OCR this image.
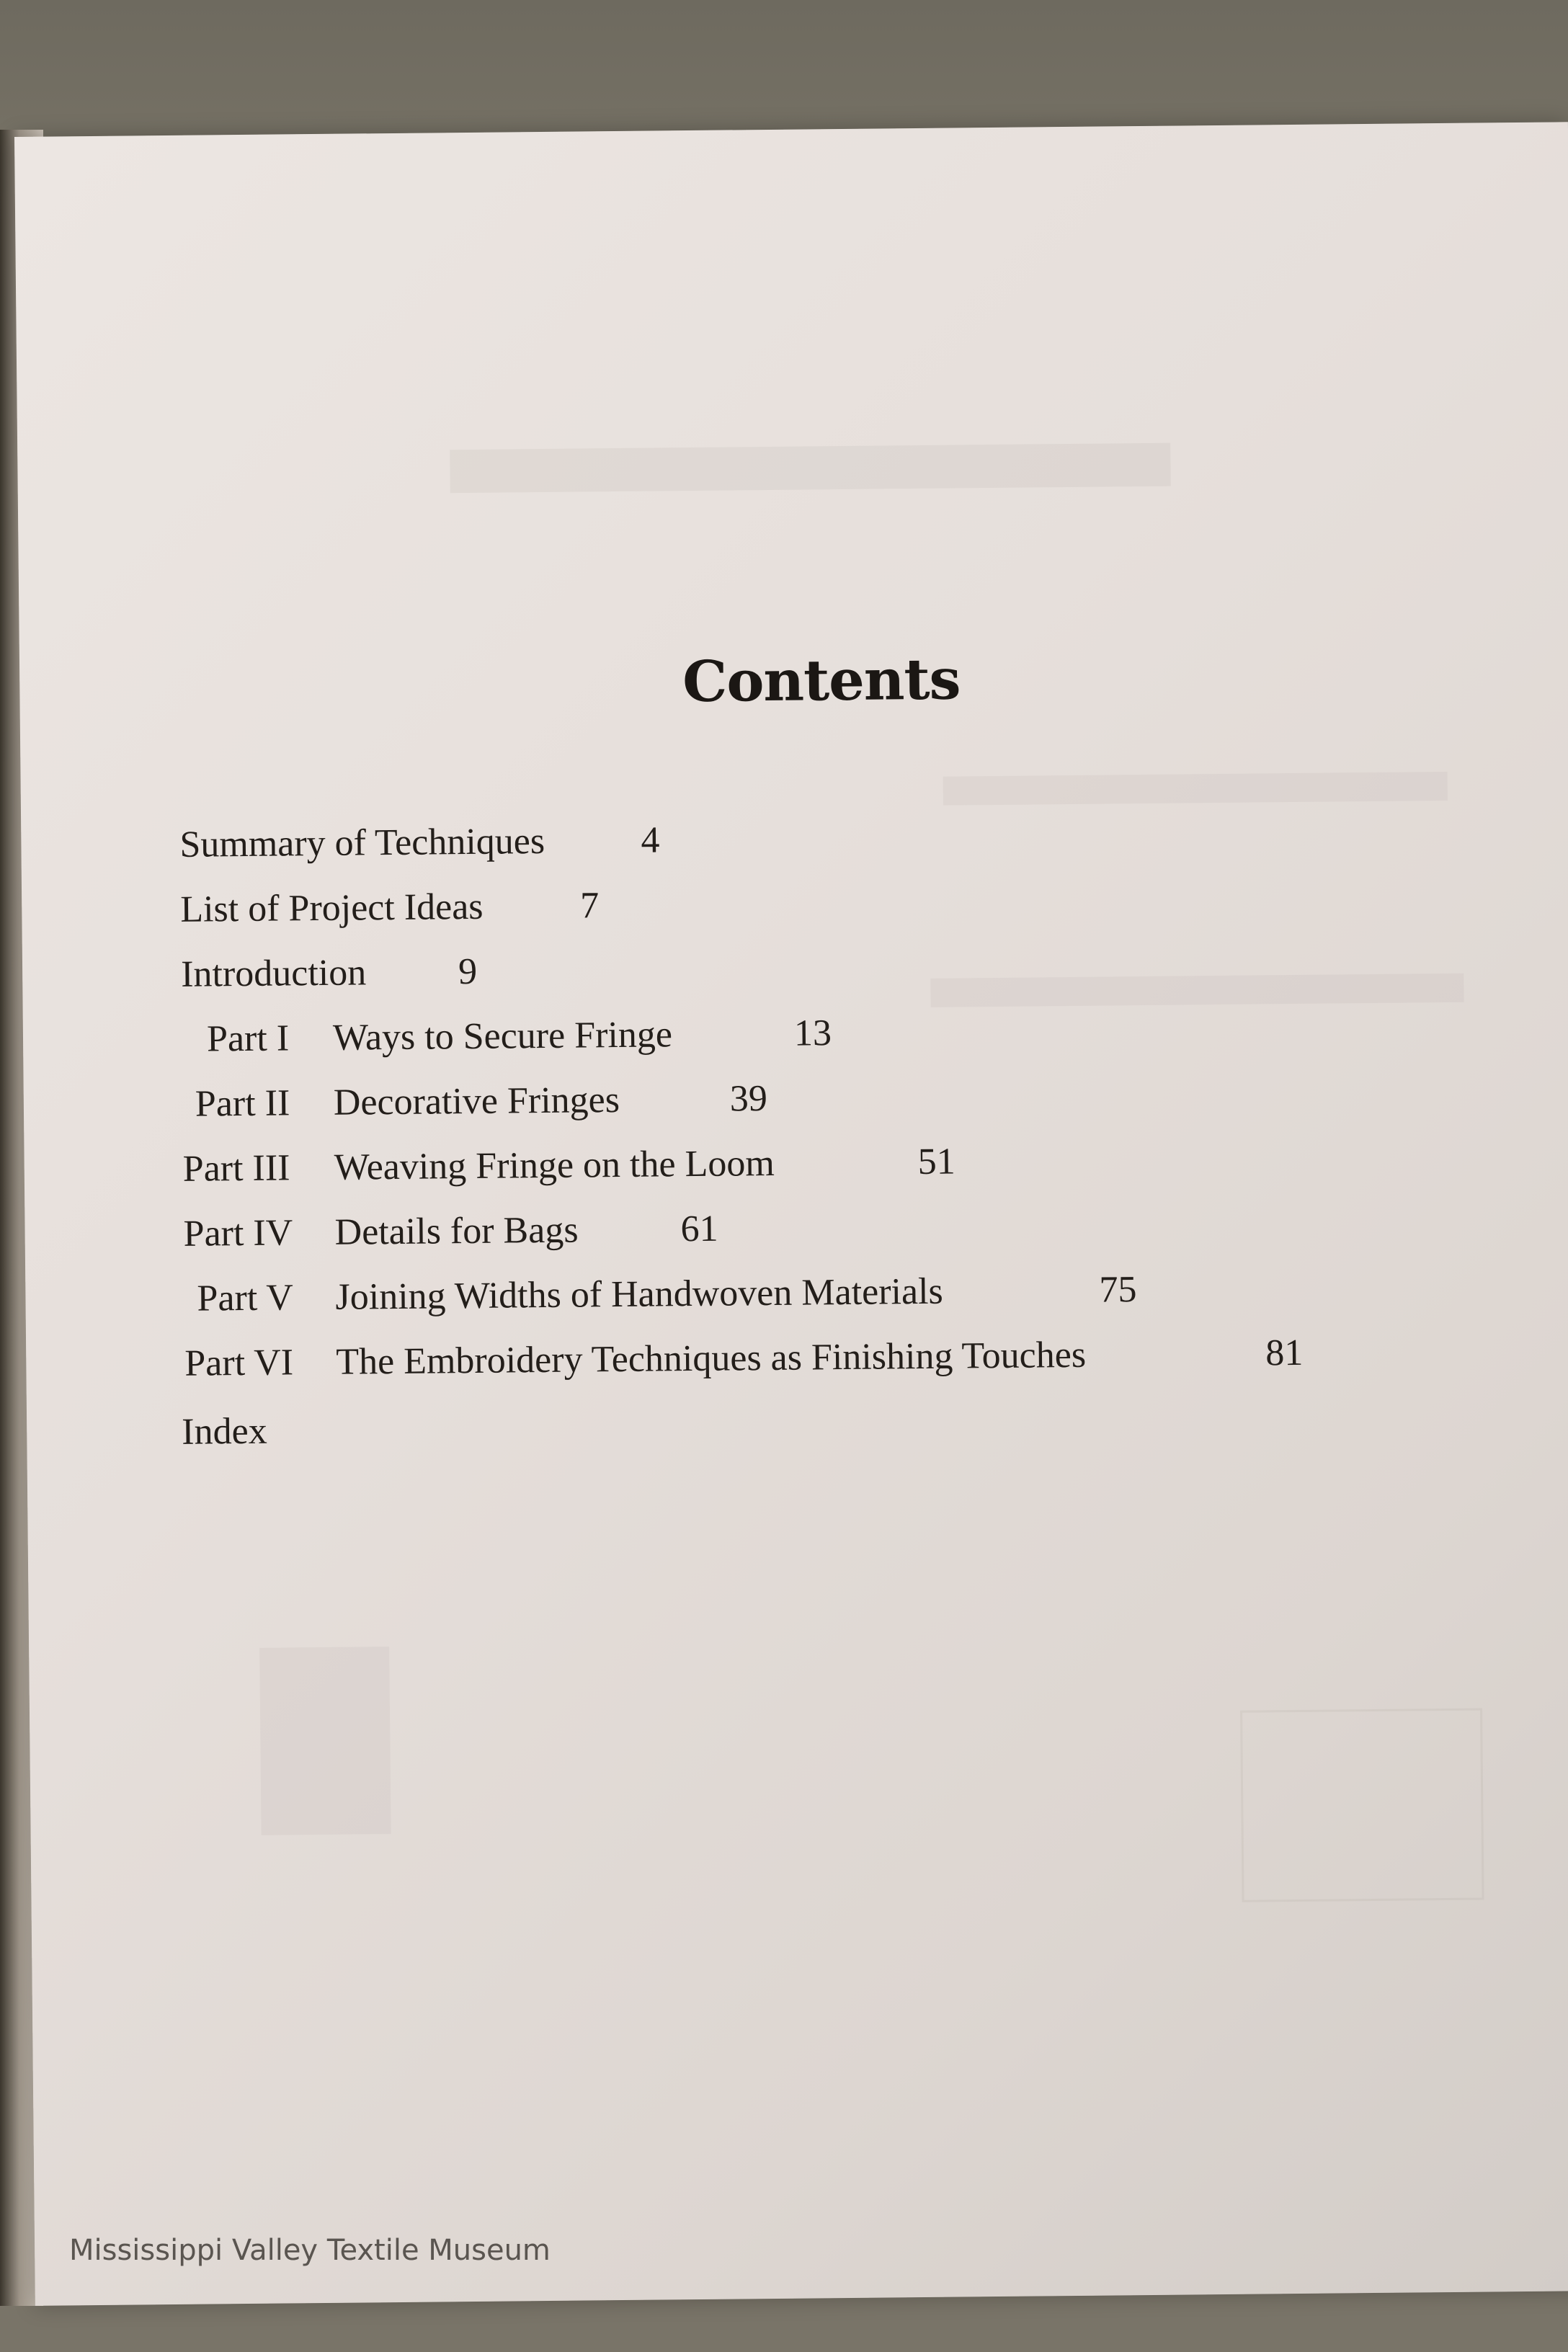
Contents
Summary of Techniques	4
List of Project Ideas	7
Introduction 9
Part I Ways to Secure Fringe	13
Part II Decorative Fringes	39
Part III Weaving Fringe on the Loom	51
Part IV Details for Bags	61
Part V Joining Widths of Handwoven Materials	75
Part VI The Embroidery Techniques as Finishing Touches	81
Index
Mississippi Valley Textile Museum
